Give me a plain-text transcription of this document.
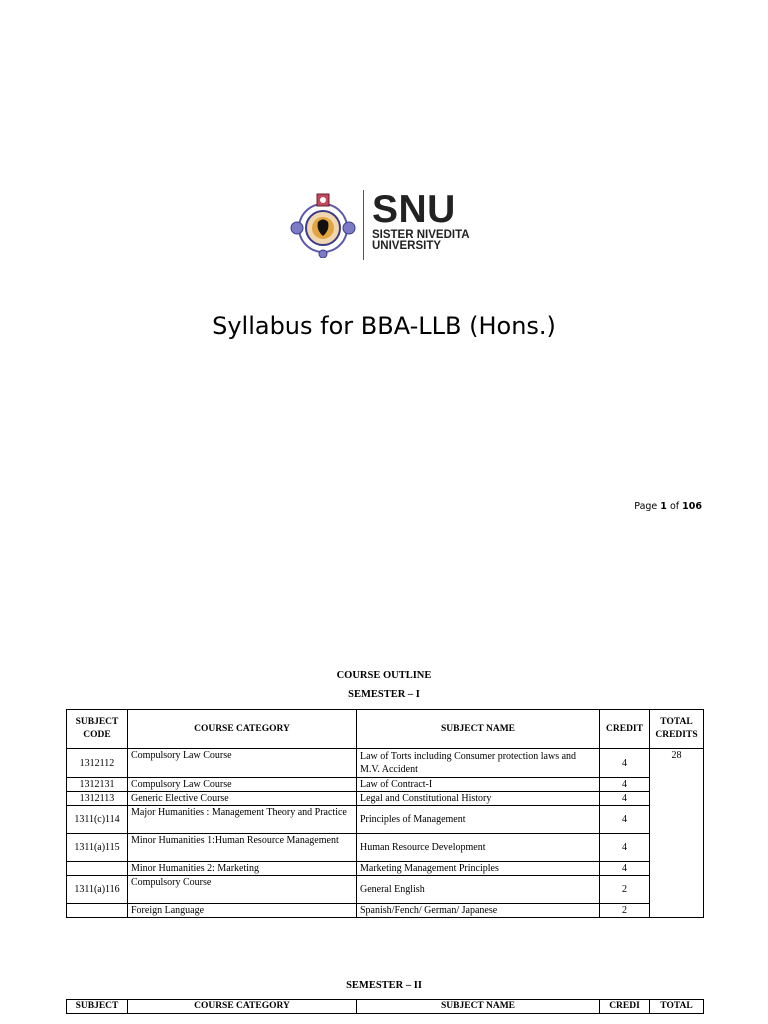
SNU
SISTER NIVEDITA
UNIVERSITY
Syllabus for BBA-LLB (Hons.)
Page 1 of 106
COURSE OUTLINE
SEMESTER – I
SUBJECT CODE	COURSE CATEGORY	SUBJECT NAME	CREDIT	TOTAL CREDITS
1312112	Compulsory Law Course	Law of Torts including Consumer protection laws and M.V. Accident	4	28
1312131	Compulsory Law Course	Law of Contract-I	4	
1312113	Generic Elective Course	Legal and Constitutional History	4	
1311(c)114	Major Humanities : Management Theory and Practice	Principles of Management	4	
1311(a)115	Minor Humanities 1:Human Resource Management	Human Resource Development	4	
	Minor Humanities 2: Marketing	Marketing Management Principles	4	
1311(a)116	Compulsory Course	General English	2	
	Foreign Language	Spanish/Fench/ German/ Japanese	2	
SEMESTER – II
SUBJECT	COURSE CATEGORY	SUBJECT NAME	CREDI	TOTAL
